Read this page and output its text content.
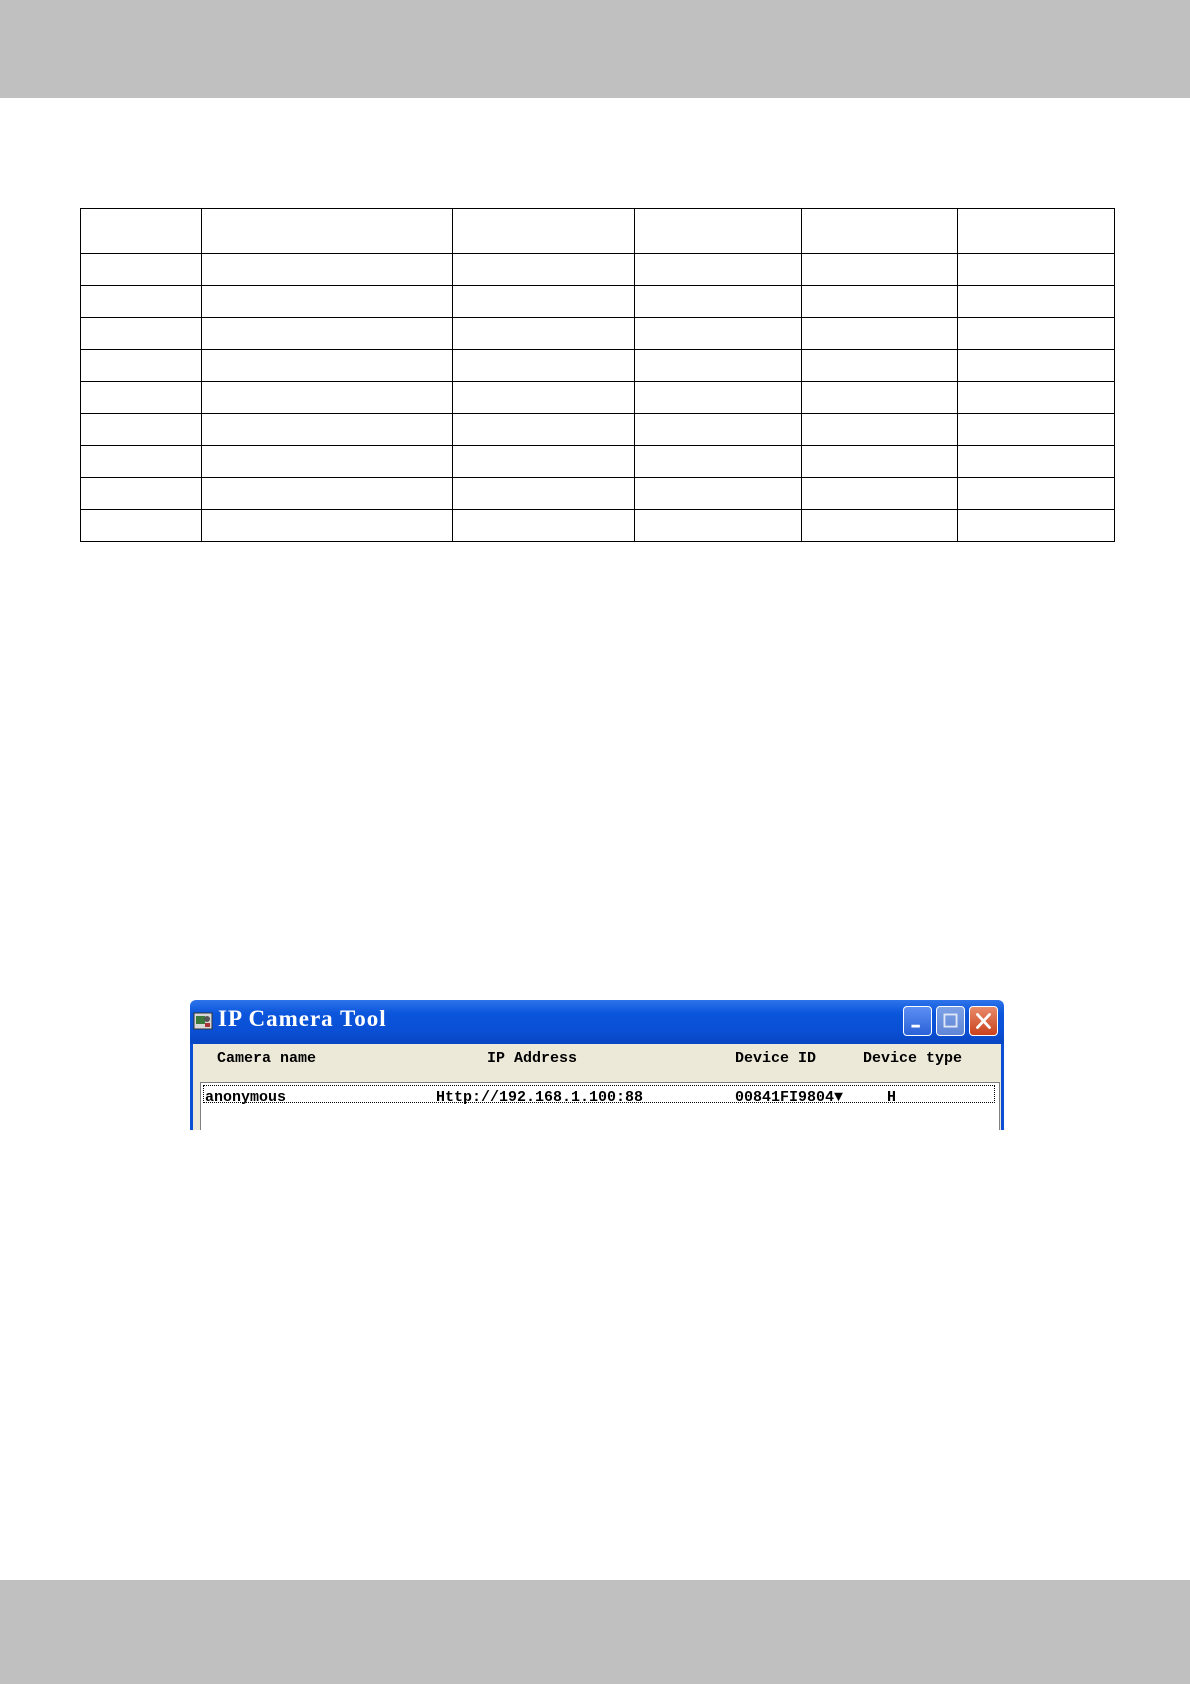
IP Camera Tool
Camera name	IP Address	Device ID	Device type
anonymous	Http://192.168.1.100:88	00841FI9804▼	H
